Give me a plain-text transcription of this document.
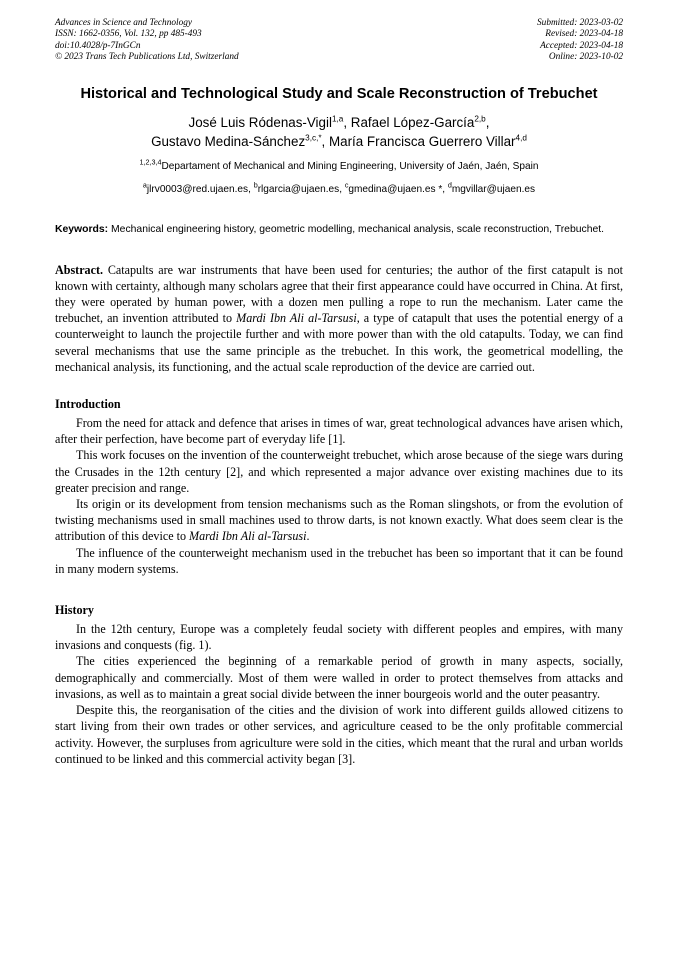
Advances in Science and Technology
ISSN: 1662-0356, Vol. 132, pp 485-493
doi:10.4028/p-7InGCn
© 2023 Trans Tech Publications Ltd, Switzerland
Submitted: 2023-03-02
Revised: 2023-04-18
Accepted: 2023-04-18
Online: 2023-10-02
Historical and Technological Study and Scale Reconstruction of Trebuchet
José Luis Ródenas-Vigil$^{1,a}$, Rafael López-García$^{2,b}$,
Gustavo Medina-Sánchez$^{3,c,*}$, María Francisca Guerrero Villar$^{4,d}$
$^{1,2,3,4}$Departament of Mechanical and Mining Engineering, University of Jaén, Jaén, Spain
$^a$jlrv0003@red.ujaen.es, $^b$rlgarcia@ujaen.es, $^c$gmedina@ujaen.es *, $^d$mgvillar@ujaen.es
Keywords: Mechanical engineering history, geometric modelling, mechanical analysis, scale reconstruction, Trebuchet.
Abstract. Catapults are war instruments that have been used for centuries; the author of the first catapult is not known with certainty, although many scholars agree that their first appearance could have occurred in China. At first, they were operated by human power, with a dozen men pulling a rope to run the mechanism. Later came the trebuchet, an invention attributed to Mardi Ibn Ali al-Tarsusi, a type of catapult that uses the potential energy of a counterweight to launch the projectile further and with more power than with the old catapults. Today, we can find several mechanisms that use the same principle as the trebuchet. In this work, the geometrical modelling, the mechanical analysis, its functioning, and the actual scale reproduction of the device are carried out.
Introduction

From the need for attack and defence that arises in times of war, great technological advances have arisen which, after their perfection, have become part of everyday life [1].

This work focuses on the invention of the counterweight trebuchet, which arose because of the siege wars during the Crusades in the 12th century [2], and which represented a major advance over existing machines due to its greater precision and range.

Its origin or its development from tension mechanisms such as the Roman slingshots, or from the evolution of twisting mechanisms used in small machines used to throw darts, is not known exactly. What does seem clear is the attribution of this device to Mardi Ibn Ali al-Tarsusi.

The influence of the counterweight mechanism used in the trebuchet has been so important that it can be found in many modern systems.

History

In the 12th century, Europe was a completely feudal society with different peoples and empires, with many invasions and conquests (fig. 1).

The cities experienced the beginning of a remarkable period of growth in many aspects, socially, demographically and commercially. Most of them were walled in order to protect themselves from attacks and invasions, as well as to maintain a great social divide between the inner bourgeois world and the outer peasantry.

Despite this, the reorganisation of the cities and the division of work into different guilds allowed citizens to start living from their own trades or other services, and agriculture ceased to be the only profitable commercial activity. However, the surpluses from agriculture were sold in the cities, which meant that the rural and urban worlds continued to be linked and this commercial activity began [3].
